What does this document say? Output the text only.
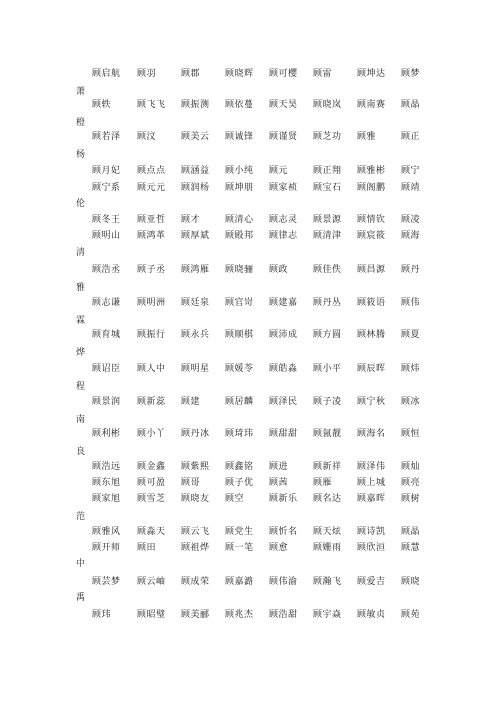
顾启航 顾羽	顾郡	顾晓辉 顾可樱 顾雷	顾坤达 顾梦
萧
顾轶	顾飞飞 顾振测 顾依蔓 顾天昊 顾晓岚 顾南赛 顾晶
橙
顾若泽 顾汶	顾美云 顾诚锋 顾谨贤 顾芝功 顾雅	顾正
杨
顾月妃 顾点点 顾涵益 顾小纯 顾元	顾正翔 顾雅彬 顾宁
顾宁系 顾元元 顾润杨 顾坤朋 顾家祯 顾宝石 顾阁鹏 顾靖
伦
顾冬王 顾亚哲 顾才	顾清心 顾志灵 顾景源 顾情钦 顾凌
顾明山 顾鸿革 顾厚斌 顾殿邦 顾律志 顾清津 顾宸筱 顾海
清
顾浩丞 顾子丞 顾鸿雁 顾晓骊 顾政	顾佳佚 顾昌源 顾丹
雅
顾志谦 顾明洲 顾廷泉 顾官岢 顾建嘉 顾丹丛 顾筱语 顾伟
霖
顾育城 顾振行 顾永兵 顾顺棋 顾沛成 顾方圆 顾林腾 顾夏
烨
顾诏臣 顾人中 顾明星 顾媛苓 顾皓淼 顾小平 顾辰晖 顾炜
程
顾景润 顾新蕊 顾建	顾居麟 顾泽民 顾子凌 顾宁秋 顾冰
南
顾利彬 顾小丫 顾丹冰 顾琦玮 顾甜甜 顾氤靓 顾海名 顾恒
良
顾浩远 顾金鑫 顾紫熙 顾鑫铭 顾进	顾新祥 顾泽伟 顾灿
顾东旭 顾可盈 顾哥	顾子优 顾茜	顾雁	顾上城 顾亮
顾家旭 顾雪芝 顾晓友 顾空	顾新乐 顾名达 顾嘉晖 顾树
范
顾雅风 顾淼天 顾云飞 顾党生 顾忻名 顾天炫 顾诗凯 顾晶
顾开师 顾田	顾祖烨 顾一笔 顾愈	顾姗雨 顾欣洹 顾慧
中
顾芸梦 顾云岫 顾成荣 顾嘉潞 顾伟渝 顾瀚飞 顾爱吉 顾晓
禹
顾玮	顾昭璧 顾美郦 顾兆杰 顾浩甜 顾宇焱 顾敏贞 顾苑
